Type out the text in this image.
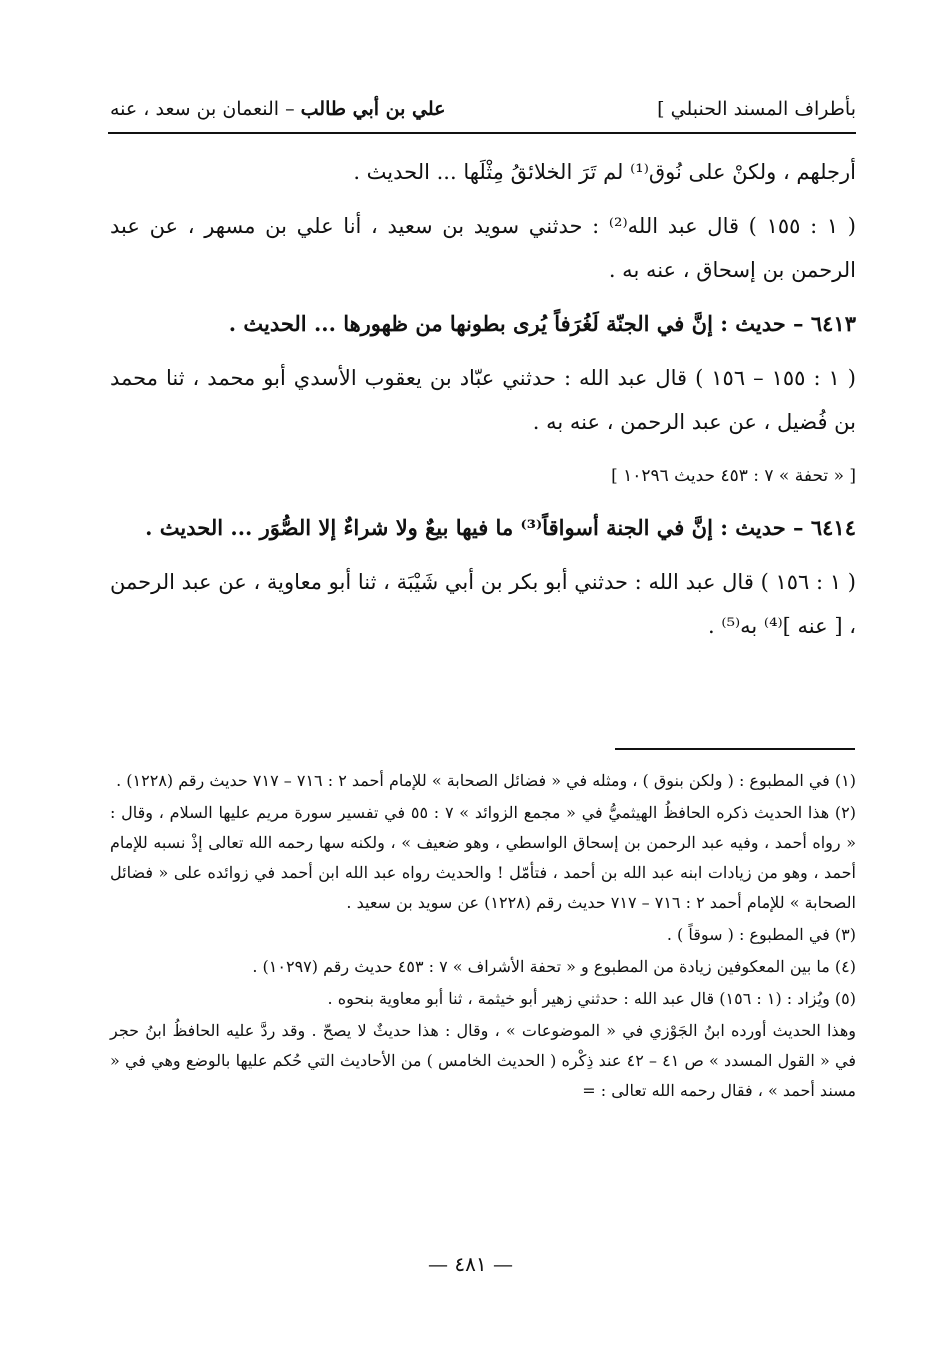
بأطراف المسند الحنبلي ]
علي بن أبي طالب – النعمان بن سعد ، عنه

أرجلهم ، ولكنْ على نُوق⁽¹⁾ لم تَرَ الخلائقُ مِثْلَها ... الحديث .

( ١ : ١٥٥ ) قال عبد الله⁽²⁾ : حدثني سويد بن سعيد ، أنا علي بن مسهر ، عن عبد الرحمن بن إسحاق ، عنه به .

٦٤١٣ – حديث : إنَّ في الجنّة لَغُرَفاً يُرى بطونها من ظهورها ... الحديث .

( ١ : ١٥٥ – ١٥٦ ) قال عبد الله : حدثني عبّاد بن يعقوب الأسدي أبو محمد ، ثنا محمد بن فُضيل ، عن عبد الرحمن ، عنه به .

[ « تحفة » ٧ : ٤٥٣ حديث ١٠٢٩٦ ]

٦٤١٤ – حديث : إنَّ في الجنة أسواقاً⁽³⁾ ما فيها بيعٌ ولا شراءٌ إلا الصُّوَر ... الحديث .

( ١ : ١٥٦ ) قال عبد الله : حدثني أبو بكر بن أبي شَيْبَة ، ثنا أبو معاوية ، عن عبد الرحمن ، [ عنه ]⁽⁴⁾ به⁽⁵⁾ .

(١) في المطبوع : ( ولكن بنوق ) ، ومثله في « فضائل الصحابة » للإمام أحمد ٢ : ٧١٦ – ٧١٧ حديث رقم (١٢٢٨) .

(٢) هذا الحديث ذكره الحافظُ الهيثميُّ في « مجمع الزوائد » ٧ : ٥٥ في تفسير سورة مريم عليها السلام ، وقال : « رواه أحمد ، وفيه عبد الرحمن بن إسحاق الواسطي ، وهو ضعيف » ، ولكنه سها رحمه الله تعالى إذْ نسبه للإمام أحمد ، وهو من زيادات ابنه عبد الله بن أحمد ، فتأمّل ! والحديث رواه عبد الله ابن أحمد في زوائده على « فضائل الصحابة » للإمام أحمد ٢ : ٧١٦ – ٧١٧ حديث رقم (١٢٢٨) عن سويد بن سعيد .

(٣) في المطبوع : ( سوقاً ) .

(٤) ما بين المعكوفين زيادة من المطبوع و « تحفة الأشراف » ٧ : ٤٥٣ حديث رقم (١٠٢٩٧) .

(٥) ويُزاد : (١ : ١٥٦) قال عبد الله : حدثني زهير أبو خيثمة ، ثنا أبو معاوية بنحوه .

وهذا الحديث أورده ابنُ الجَوْزي في « الموضوعات » ، وقال : هذا حديثٌ لا يصحّ . وقد ردَّ عليه الحافظُ ابنُ حجر في « القول المسدد » ص ٤١ – ٤٢ عند ذِكْره ( الحديث الخامس ) من الأحاديث التي حُكم عليها بالوضع وهي في « مسند أحمد » ، فقال رحمه الله تعالى : =

— ٤٨١ —
